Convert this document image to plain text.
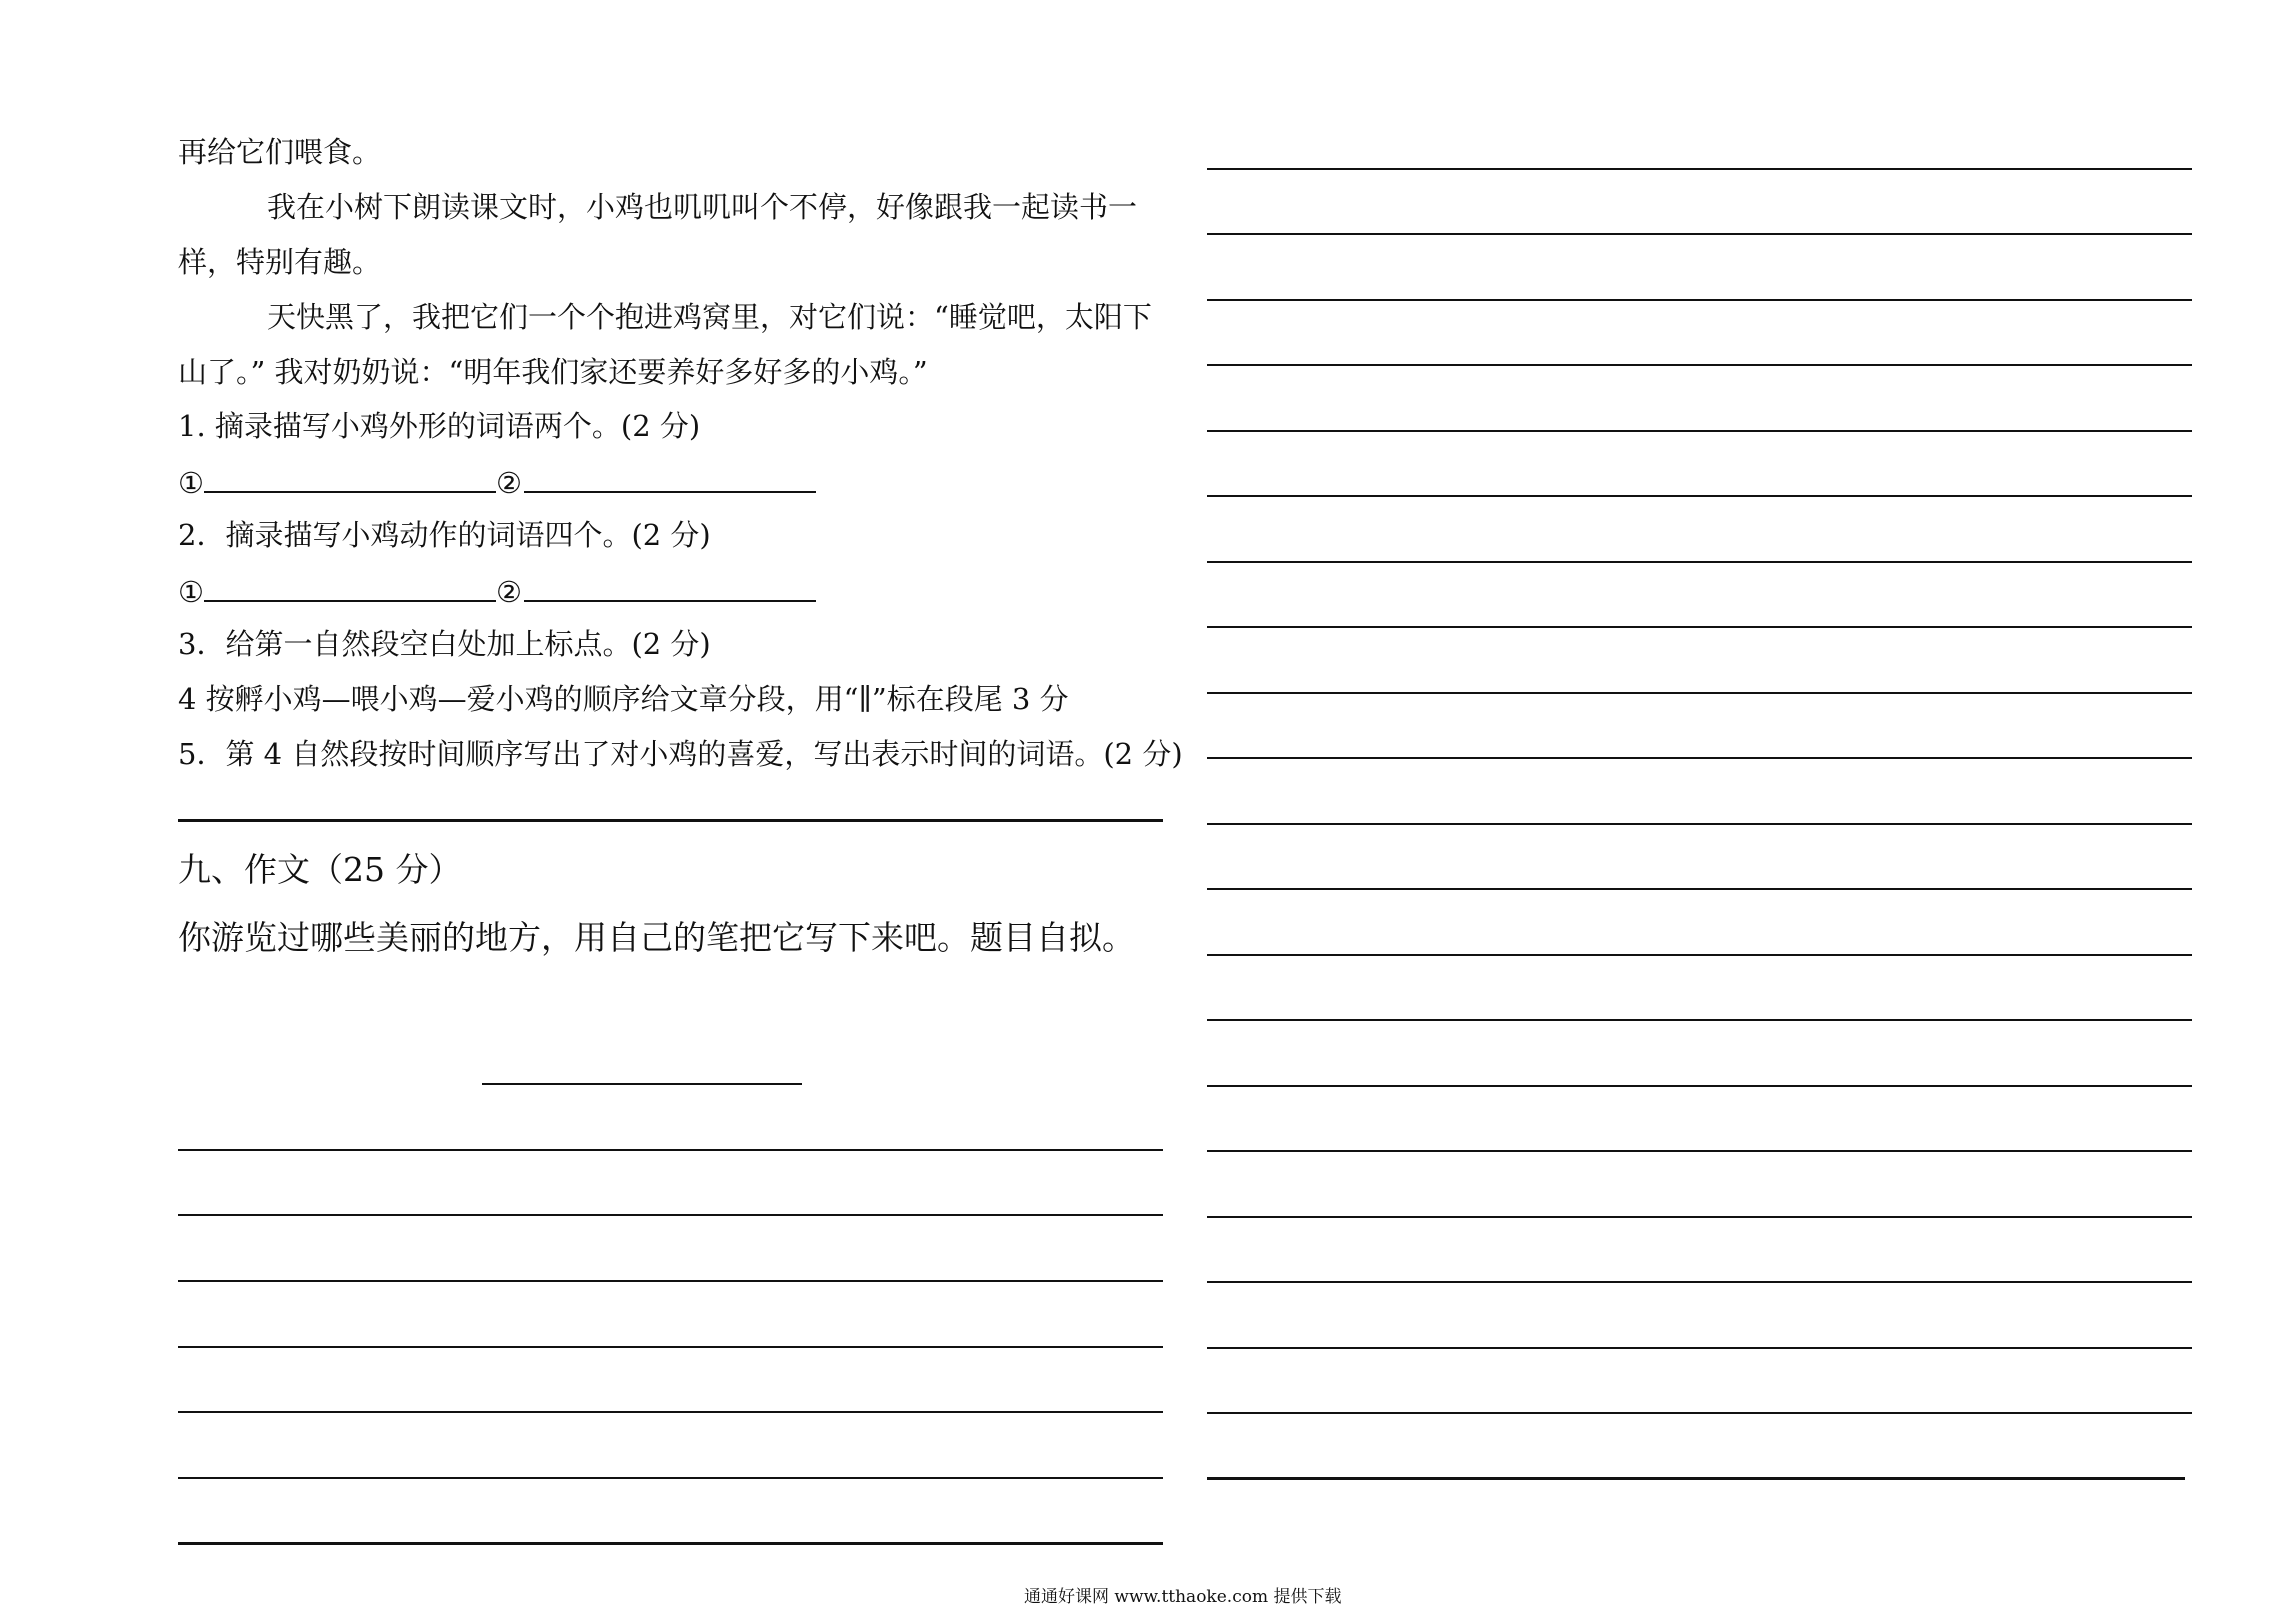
再给它们喂食。
我在小树下朗读课文时，小鸡也叽叽叫个不停，好像跟我一起读书一
样，特别有趣。
天快黑了，我把它们一个个抱进鸡窝里，对它们说：“睡觉吧，太阳下
山了。” 我对奶奶说：“明年我们家还要养好多好多的小鸡。”
1. 摘录描写小鸡外形的词语两个。(2 分)
①	②
2．摘录描写小鸡动作的词语四个。(2 分)
①	②
3．给第一自然段空白处加上标点。(2 分)
4 按孵小鸡—喂小鸡—爱小鸡的顺序给文章分段，用“∥”标在段尾 3 分
5．第 4 自然段按时间顺序写出了对小鸡的喜爱，写出表示时间的词语。(2 分)
九、作文（25 分）
你游览过哪些美丽的地方，用自己的笔把它写下来吧。题目自拟。
通通好课网 www.tthaoke.com 提供下载
